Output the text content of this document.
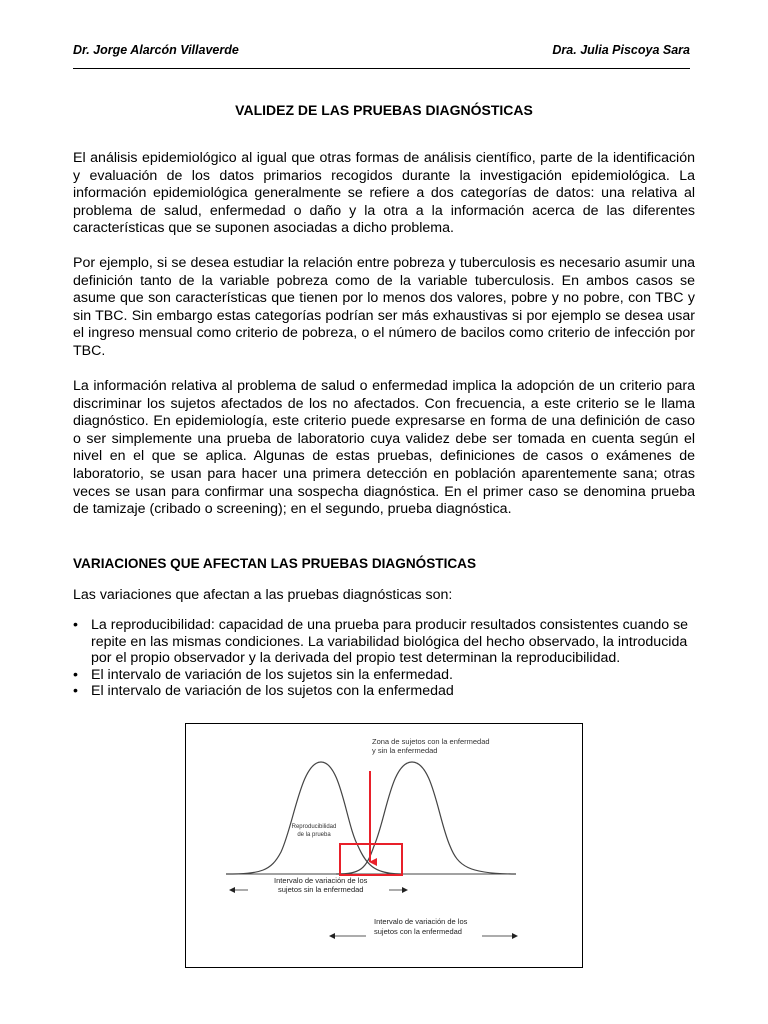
Dr. Jorge Alarcón Villaverde	Dra. Julia Piscoya Sara
VALIDEZ DE LAS PRUEBAS DIAGNÓSTICAS

El análisis epidemiológico al igual que otras formas de análisis científico, parte de la identificación y evaluación de los datos primarios recogidos durante la investigación epidemiológica. La información epidemiológica generalmente se refiere a dos categorías de datos: una relativa al problema de salud, enfermedad o daño y la otra a la información acerca de las diferentes características que se suponen asociadas a dicho problema.

Por ejemplo, si se desea estudiar la relación entre pobreza y tuberculosis es necesario asumir una definición tanto de la variable pobreza como de la variable tuberculosis. En ambos casos se asume que son características que tienen por lo menos dos valores, pobre y no pobre, con TBC y sin TBC. Sin embargo estas categorías podrían ser más exhaustivas si por ejemplo se desea usar el ingreso mensual como criterio de pobreza, o el número de bacilos como criterio de infección por TBC.

La información relativa al problema de salud o enfermedad implica la adopción de un criterio para discriminar los sujetos afectados de los no afectados. Con frecuencia, a este criterio se le llama diagnóstico. En epidemiología, este criterio puede expresarse en forma de una definición de caso o ser simplemente una prueba de laboratorio cuya validez debe ser tomada en cuenta según el nivel en el que se aplica. Algunas de estas pruebas, definiciones de casos o exámenes de laboratorio, se usan para hacer una primera detección en población aparentemente sana; otras veces se usan para confirmar una sospecha diagnóstica. En el primer caso se denomina prueba de tamizaje (cribado o screening); en el segundo, prueba diagnóstica.

VARIACIONES QUE AFECTAN LAS PRUEBAS DIAGNÓSTICAS
Las variaciones que afectan a las pruebas diagnósticas son:
• La reproducibilidad: capacidad de una prueba para producir resultados consistentes cuando se repite en las mismas condiciones. La variabilidad biológica del hecho observado, la introducida por el propio observador y la derivada del propio test determinan la reproducibilidad.
• El intervalo de variación de los sujetos sin la enfermedad.
• El intervalo de variación de los sujetos con la enfermedad
Zona de sujetos con la enfermedad
y sin la enfermedad
Reproducibilidad
de la prueba
Intervalo de variación de los
sujetos sin la enfermedad
Intervalo de variación de los
sujetos con la enfermedad
